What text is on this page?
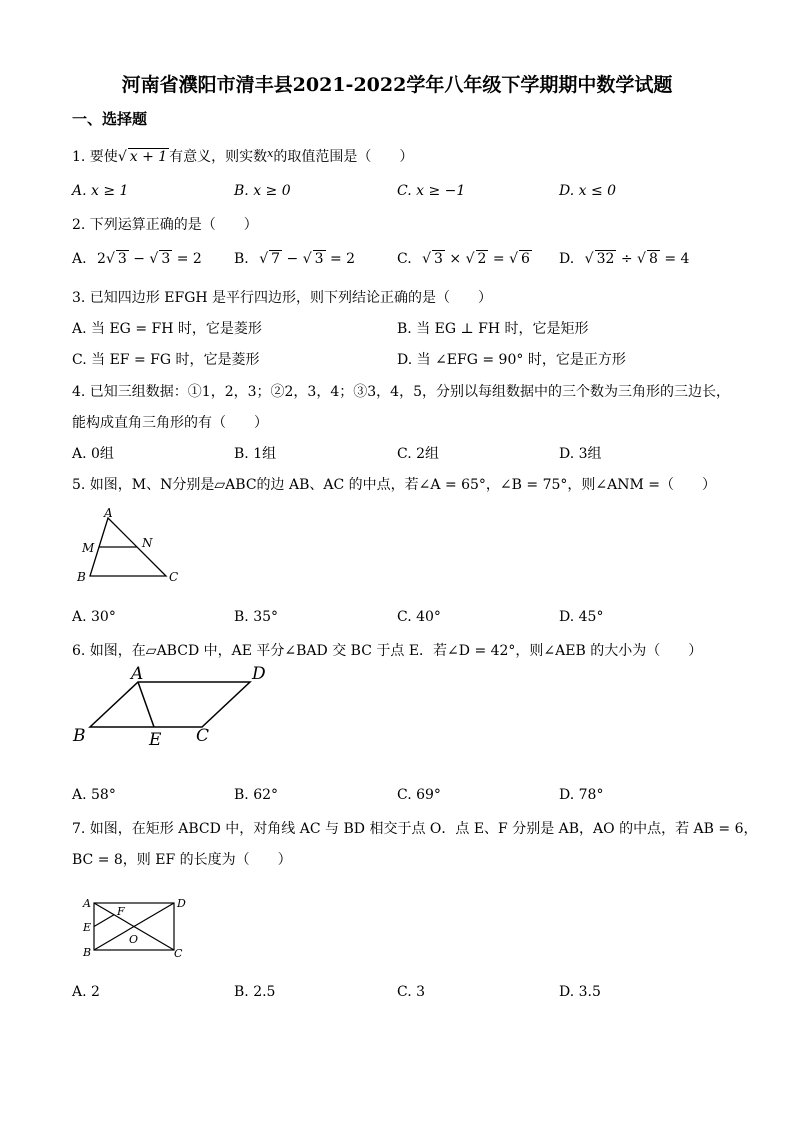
河南省濮阳市清丰县2021-2022学年八年级下学期期中数学试题
一、选择题
1. 要使√ x + 1 有意义，则实数$^x$的取值范围是（　　）
A. x ≥ 1	B. x ≥ 0	C. x ≥ −1	D. x ≤ 0
2. 下列运算正确的是（　　）
A. 2√ 3 − √ 3 = 2 B. √ 7 − √ 3 = 2	C. √ 3 × √ 2 = √ 6 D. √ 32 ÷ √ 8 = 4
3. 已知四边形 EFGH 是平行四边形，则下列结论正确的是（　　）
A. 当 EG = FH 时，它是菱形	B. 当 EG ⊥ FH 时，它是矩形
C. 当 EF = FG 时，它是菱形	D. 当 ∠EFG = 90° 时，它是正方形
4. 已知三组数据：①1，2，3；②2，3，4；③3，4，5，分别以每组数据中的三个数为三角形的三边长，
能构成直角三角形的有（　　）
A. 0组	B. 1组	C. 2组	D. 3组
5. 如图，M、N分别是▱ABC的边 AB、AC 的中点，若∠A = 65°，∠B = 75°，则∠ANM =（　　）
A
M	N
B	C
A. 30°	B. 35°	C. 40°	D. 45°
6. 如图，在▱ABCD 中，AE 平分∠BAD 交 BC 于点 E．若∠D = 42°，则∠AEB 的大小为（　　）
A	D
B	E C
A. 58°	B. 62°	C. 69°	D. 78°
7. 如图，在矩形 ABCD 中，对角线 AC 与 BD 相交于点 O．点 E、F 分别是 AB，AO 的中点，若 AB = 6，
BC = 8，则 EF 的长度为（　　）
A	D
F
E
O
B	C
A. 2	B. 2.5	C. 3	D. 3.5
